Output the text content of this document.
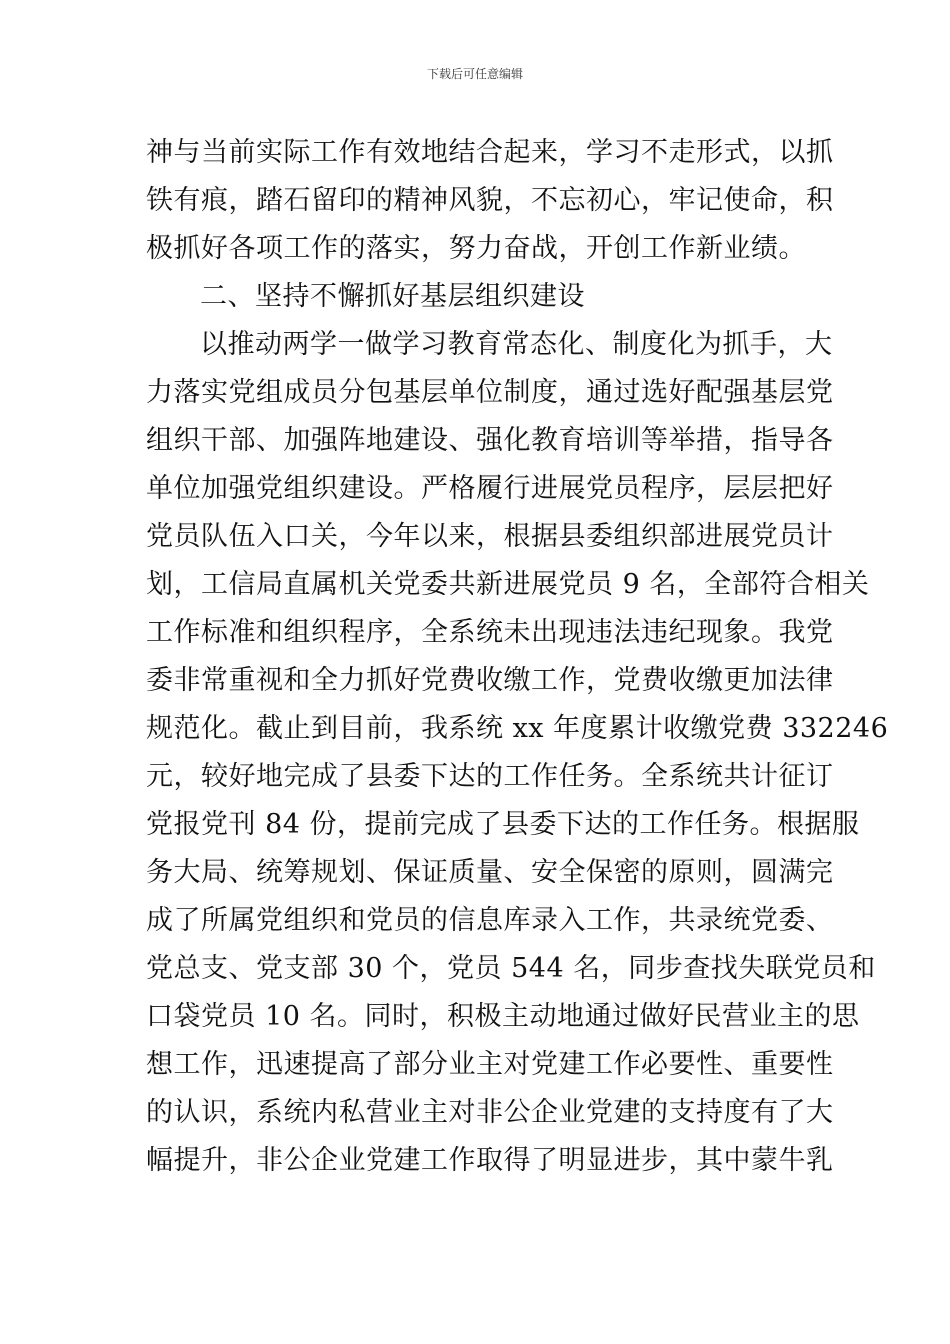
下载后可任意编辑
神与当前实际工作有效地结合起来，学习不走形式，以抓
铁有痕，踏石留印的精神风貌，不忘初心，牢记使命，积
极抓好各项工作的落实，努力奋战，开创工作新业绩。
二、坚持不懈抓好基层组织建设
以推动两学一做学习教育常态化、制度化为抓手，大
力落实党组成员分包基层单位制度，通过选好配强基层党
组织干部、加强阵地建设、强化教育培训等举措，指导各
单位加强党组织建设。严格履行进展党员程序，层层把好
党员队伍入口关，今年以来，根据县委组织部进展党员计
划，工信局直属机关党委共新进展党员 9 名，全部符合相关
工作标准和组织程序，全系统未出现违法违纪现象。我党
委非常重视和全力抓好党费收缴工作，党费收缴更加法律
规范化。截止到目前，我系统 xx 年度累计收缴党费 332246
元，较好地完成了县委下达的工作任务。全系统共计征订
党报党刊 84 份，提前完成了县委下达的工作任务。根据服
务大局、统筹规划、保证质量、安全保密的原则，圆满完
成了所属党组织和党员的信息库录入工作，共录统党委、
党总支、党支部 30 个，党员 544 名，同步查找失联党员和
口袋党员 10 名。同时，积极主动地通过做好民营业主的思
想工作，迅速提高了部分业主对党建工作必要性、重要性
的认识，系统内私营业主对非公企业党建的支持度有了大
幅提升，非公企业党建工作取得了明显进步，其中蒙牛乳
